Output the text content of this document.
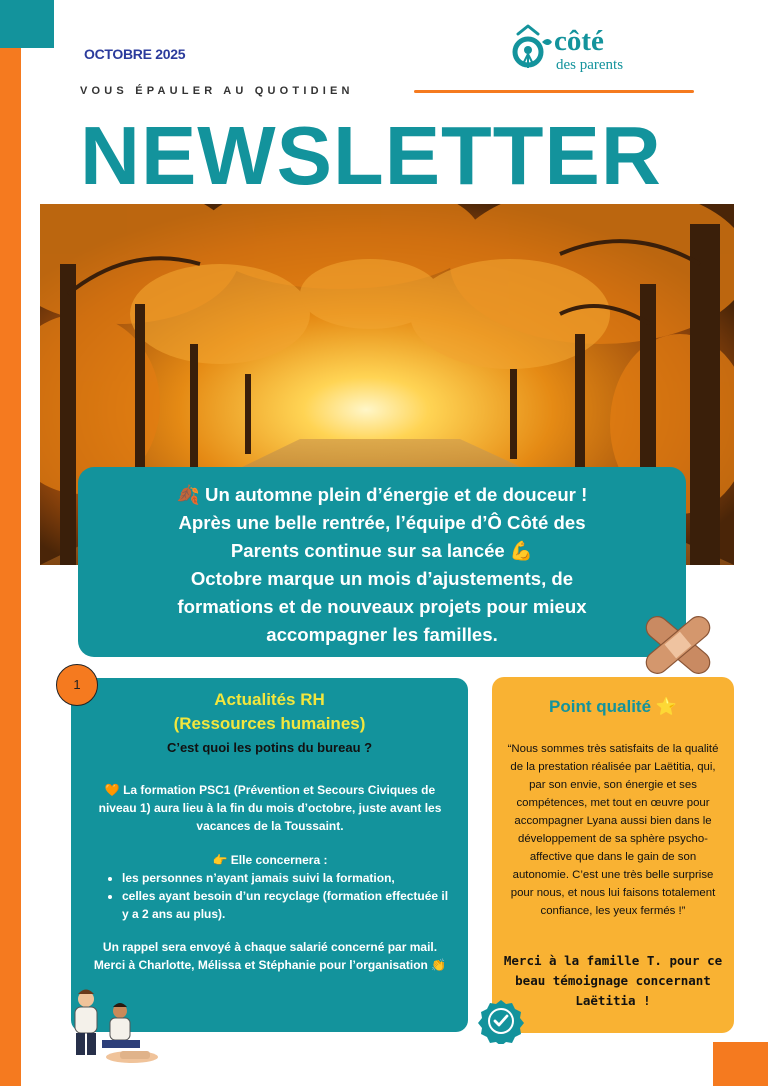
OCTOBRE 2025
VOUS ÉPAULER AU QUOTIDIEN
côté
des parents
NEWSLETTER
🍂 Un automne plein d’énergie et de douceur !
Après une belle rentrée, l’équipe d’Ô Côté des
Parents continue sur sa lancée 💪
Octobre marque un mois d’ajustements, de
formations et de nouveaux projets pour mieux
accompagner les familles.
1
Actualités RH
(Ressources humaines)
C’est quoi les potins du bureau ?
🧡 La formation PSC1 (Prévention et Secours Civiques de niveau 1) aura lieu à la fin du mois d’octobre, juste avant les vacances de la Toussaint.
👉 Elle concernera :
• les personnes n’ayant jamais suivi la formation,
• celles ayant besoin d’un recyclage (formation effectuée il y a 2 ans au plus).
Un rappel sera envoyé à chaque salarié concerné par mail.
Merci à Charlotte, Mélissa et Stéphanie pour l’organisation 👏
Point qualité ⭐
“Nous sommes très satisfaits de la qualité de la prestation réalisée par Laëtitia, qui, par son envie, son énergie et ses compétences, met tout en œuvre pour accompagner Lyana aussi bien dans le développement de sa sphère psycho-affective que dans le gain de son autonomie. C’est une très belle surprise pour nous, et nous lui faisons totalement confiance, les yeux fermés !”
Merci à la famille T. pour ce beau témoignage concernant Laëtitia !
